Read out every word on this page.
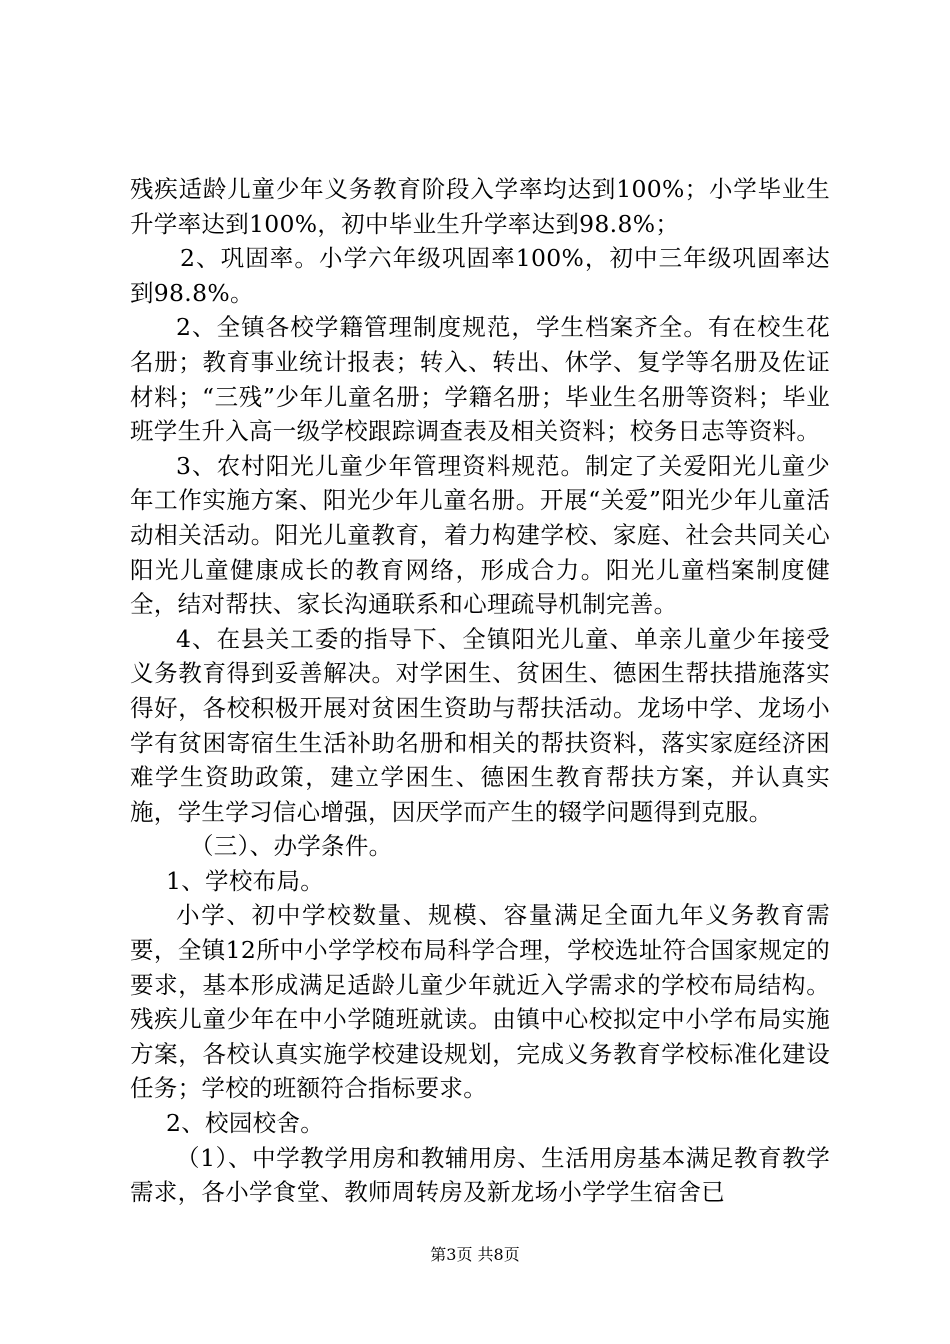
残疾适龄儿童少年义务教育阶段入学率均达到100%；小学毕业生升学率达到100%，初中毕业生升学率达到98.8%；

2、巩固率。小学六年级巩固率100%，初中三年级巩固率达到98.8%。

2、全镇各校学籍管理制度规范，学生档案齐全。有在校生花名册；教育事业统计报表；转入、转出、休学、复学等名册及佐证材料；“三残”少年儿童名册；学籍名册；毕业生名册等资料；毕业班学生升入高一级学校跟踪调查表及相关资料；校务日志等资料。

3、农村阳光儿童少年管理资料规范。制定了关爱阳光儿童少年工作实施方案、阳光少年儿童名册。开展“关爱”阳光少年儿童活动相关活动。阳光儿童教育，着力构建学校、家庭、社会共同关心阳光儿童健康成长的教育网络，形成合力。阳光儿童档案制度健全，结对帮扶、家长沟通联系和心理疏导机制完善。

4、在县关工委的指导下、全镇阳光儿童、单亲儿童少年接受义务教育得到妥善解决。对学困生、贫困生、德困生帮扶措施落实得好，各校积极开展对贫困生资助与帮扶活动。龙场中学、龙场小学有贫困寄宿生生活补助名册和相关的帮扶资料，落实家庭经济困难学生资助政策，建立学困生、德困生教育帮扶方案，并认真实施，学生学习信心增强，因厌学而产生的辍学问题得到克服。

（三）、办学条件。

1、学校布局。

小学、初中学校数量、规模、容量满足全面九年义务教育需要，全镇12所中小学学校布局科学合理，学校选址符合国家规定的要求，基本形成满足适龄儿童少年就近入学需求的学校布局结构。残疾儿童少年在中小学随班就读。由镇中心校拟定中小学布局实施方案，各校认真实施学校建设规划，完成义务教育学校标准化建设任务；学校的班额符合指标要求。

2、校园校舍。

（1）、中学教学用房和教辅用房、生活用房基本满足教育教学需求，各小学食堂、教师周转房及新龙场小学学生宿舍已

第3页 共8页
